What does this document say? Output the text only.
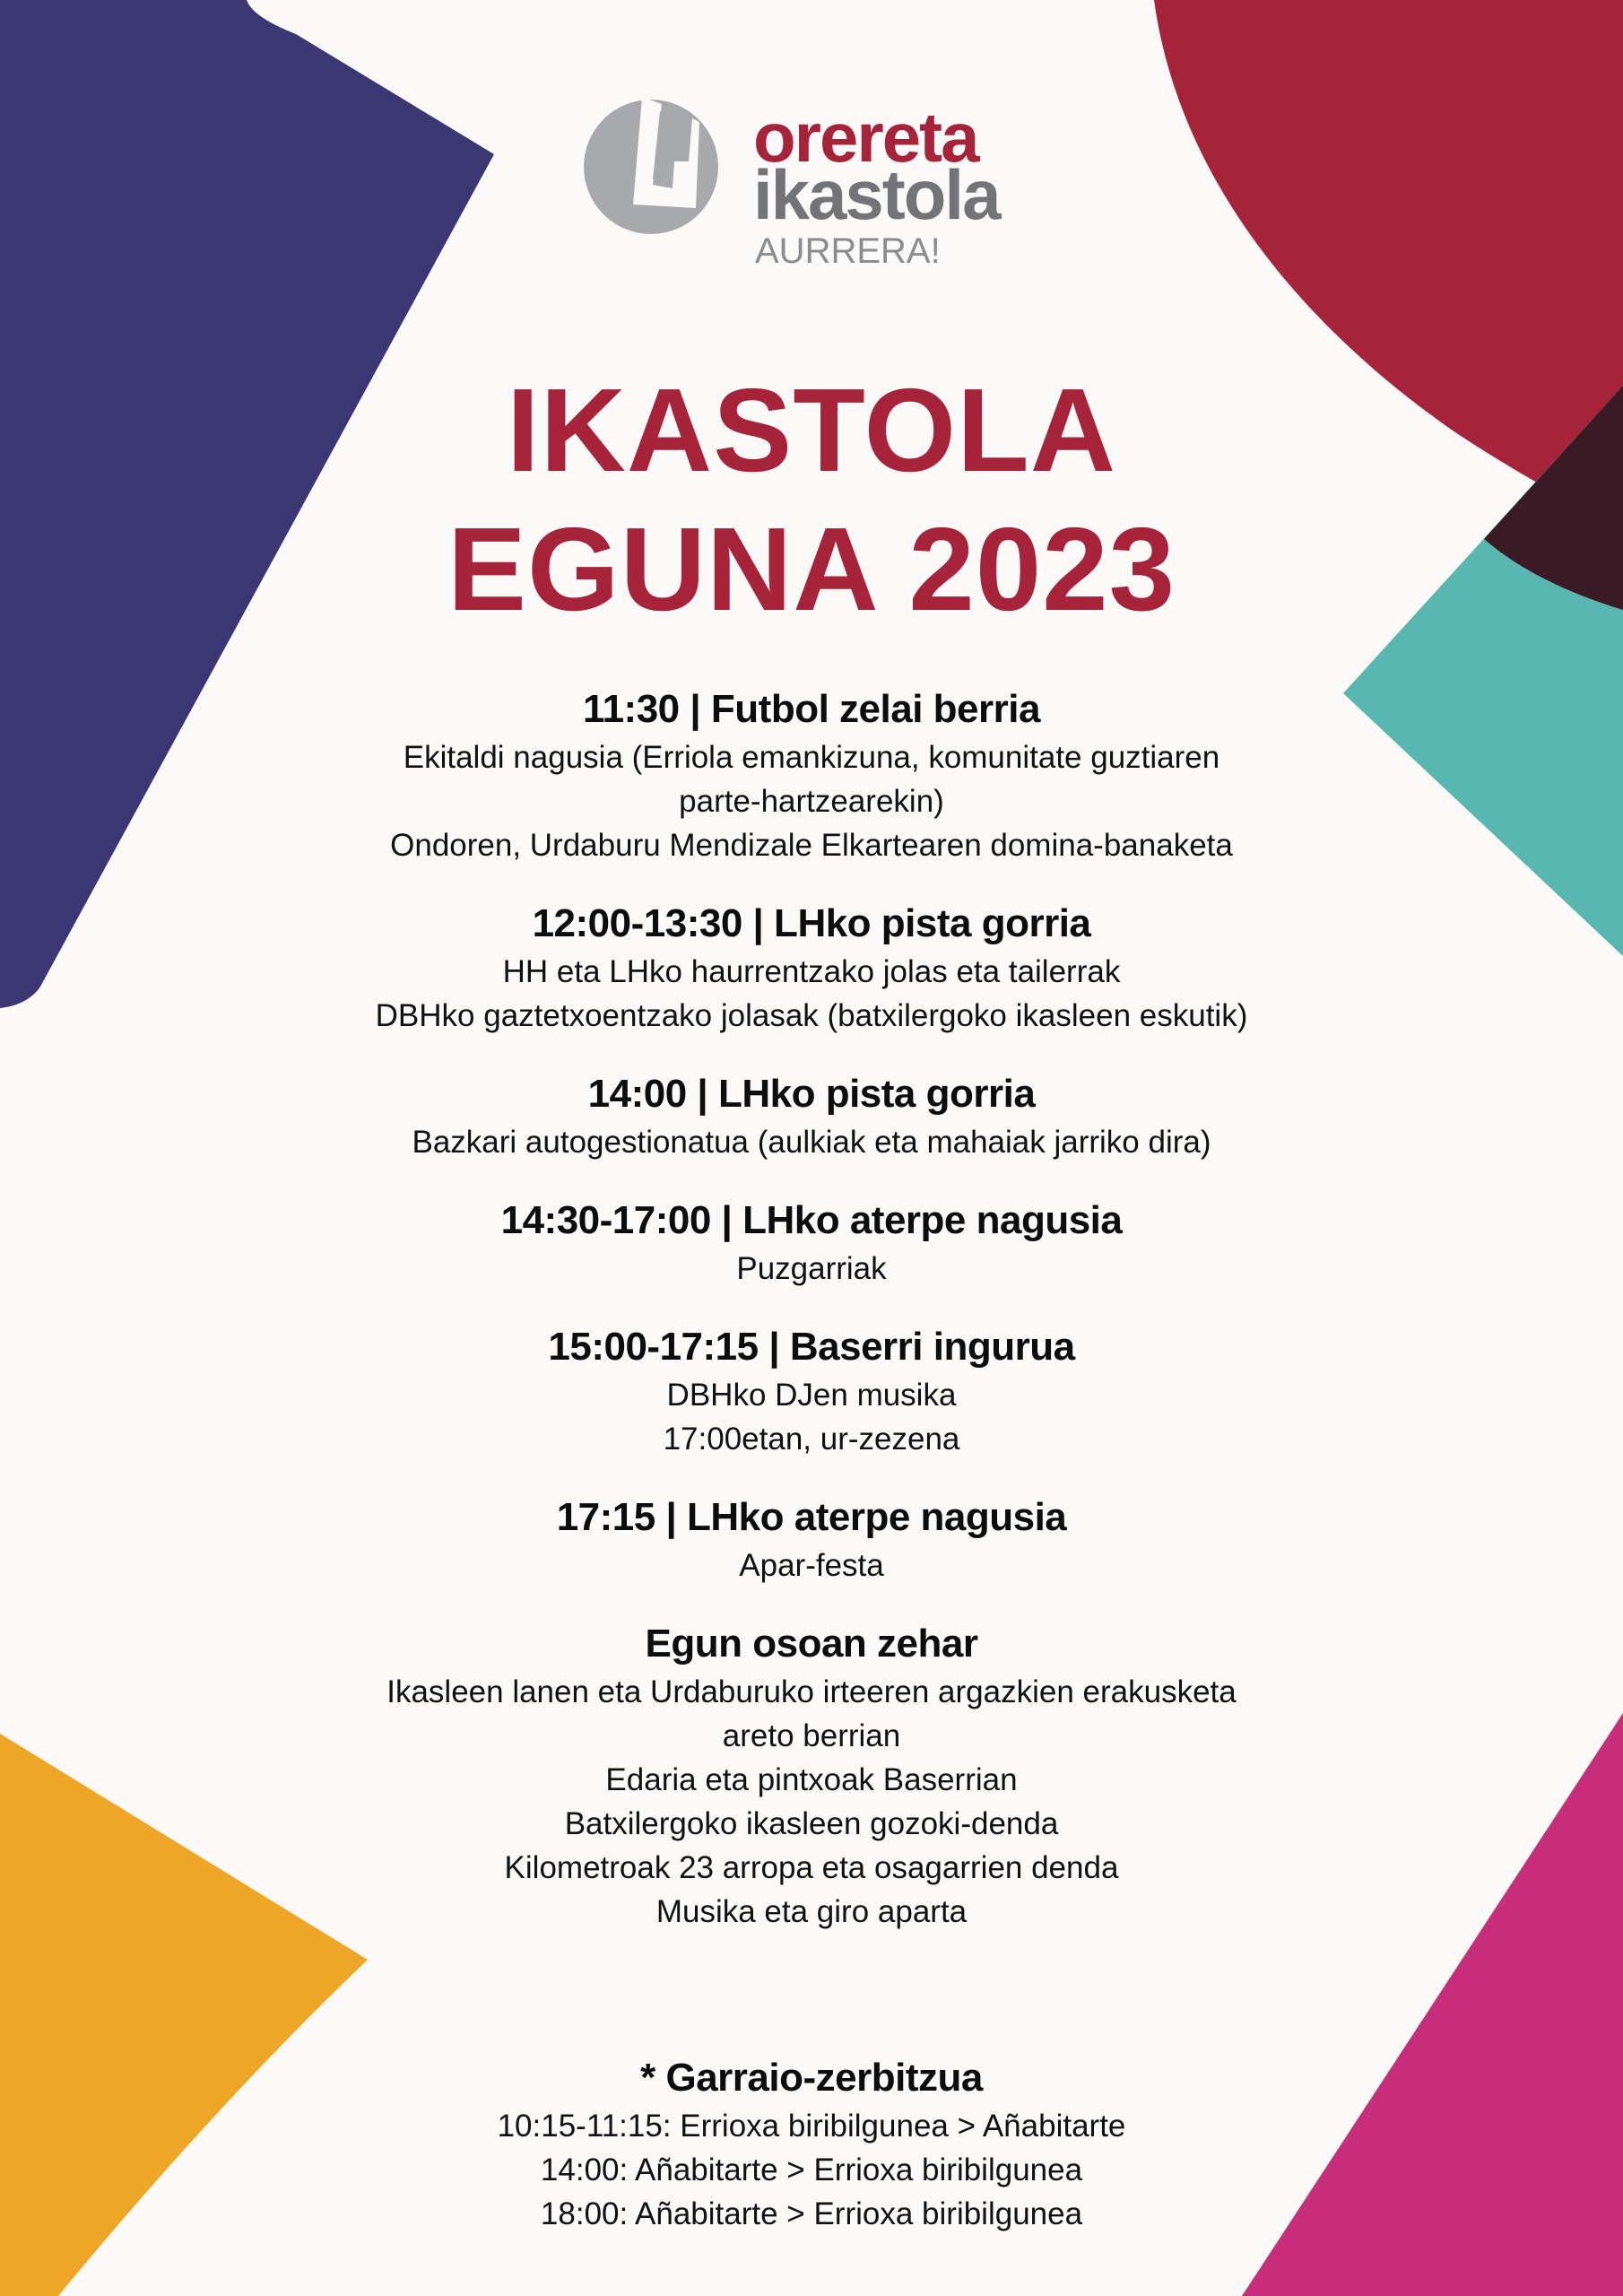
orereta
ikastola
AURRERA!
IKASTOLA
EGUNA 2023
11:30 | Futbol zelai berria
Ekitaldi nagusia (Erriola emankizuna, komunitate guztiaren
parte-hartzearekin)
Ondoren, Urdaburu Mendizale Elkartearen domina-banaketa
12:00-13:30 | LHko pista gorria
HH eta LHko haurrentzako jolas eta tailerrak
DBHko gaztetxoentzako jolasak (batxilergoko ikasleen eskutik)
14:00 | LHko pista gorria
Bazkari autogestionatua (aulkiak eta mahaiak jarriko dira)
14:30-17:00 | LHko aterpe nagusia
Puzgarriak
15:00-17:15 | Baserri ingurua
DBHko DJen musika
17:00etan, ur-zezena
17:15 | LHko aterpe nagusia
Apar-festa
Egun osoan zehar
Ikasleen lanen eta Urdaburuko irteeren argazkien erakusketa
areto berrian
Edaria eta pintxoak Baserrian
Batxilergoko ikasleen gozoki-denda
Kilometroak 23 arropa eta osagarrien denda
Musika eta giro aparta
* Garraio-zerbitzua
10:15-11:15: Errioxa biribilgunea > Añabitarte
14:00: Añabitarte > Errioxa biribilgunea
18:00: Añabitarte > Errioxa biribilgunea
